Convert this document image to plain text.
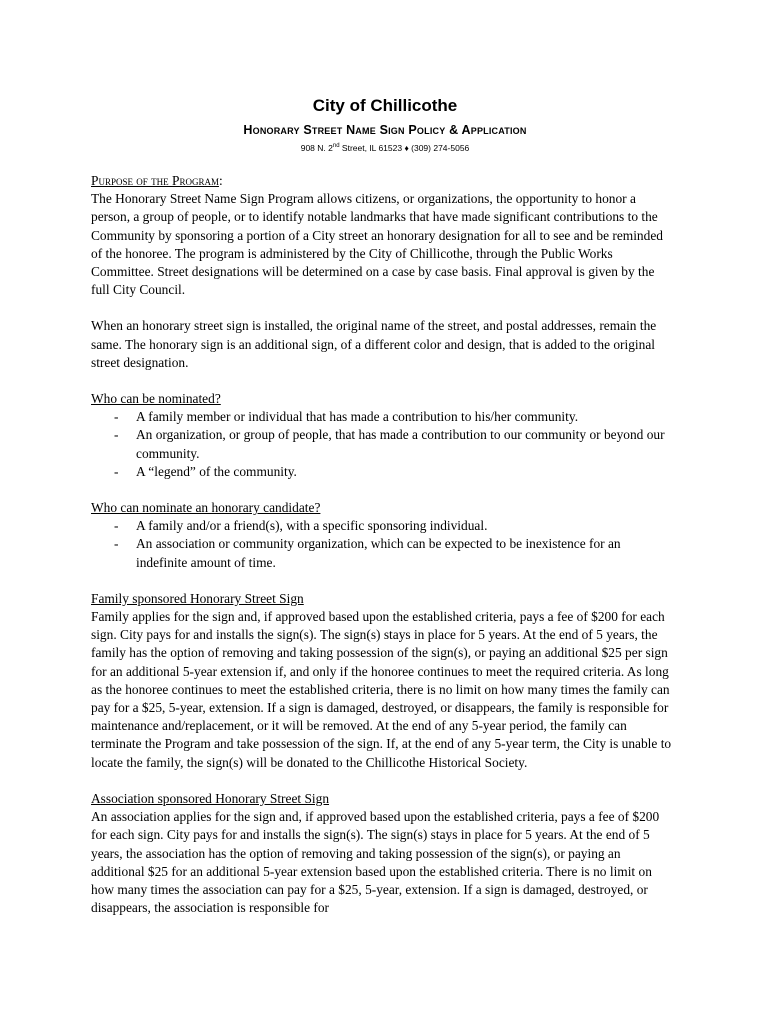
City of Chillicothe
Honorary Street Name Sign Policy & Application
908 N. 2nd Street, IL 61523 ♦ (309) 274-5056

Purpose of the Program:

The Honorary Street Name Sign Program allows citizens, or organizations, the opportunity to honor a person, a group of people, or to identify notable landmarks that have made significant contributions to the Community by sponsoring a portion of a City street an honorary designation for all to see and be reminded of the honoree. The program is administered by the City of Chillicothe, through the Public Works Committee. Street designations will be determined on a case by case basis. Final approval is given by the full City Council.

When an honorary street sign is installed, the original name of the street, and postal addresses, remain the same. The honorary sign is an additional sign, of a different color and design, that is added to the original street designation.

Who can be nominated?

- A family member or individual that has made a contribution to his/her community.
- An organization, or group of people, that has made a contribution to our community or beyond our community.
- A “legend” of the community.

Who can nominate an honorary candidate?

- A family and/or a friend(s), with a specific sponsoring individual.
- An association or community organization, which can be expected to be inexistence for an indefinite amount of time.

Family sponsored Honorary Street Sign

Family applies for the sign and, if approved based upon the established criteria, pays a fee of $200 for each sign. City pays for and installs the sign(s). The sign(s) stays in place for 5 years. At the end of 5 years, the family has the option of removing and taking possession of the sign(s), or paying an additional $25 per sign for an additional 5-year extension if, and only if the honoree continues to meet the required criteria. As long as the honoree continues to meet the established criteria, there is no limit on how many times the family can pay for a $25, 5-year, extension. If a sign is damaged, destroyed, or disappears, the family is responsible for maintenance and/replacement, or it will be removed. At the end of any 5-year period, the family can terminate the Program and take possession of the sign. If, at the end of any 5-year term, the City is unable to locate the family, the sign(s) will be donated to the Chillicothe Historical Society.

Association sponsored Honorary Street Sign

An association applies for the sign and, if approved based upon the established criteria, pays a fee of $200 for each sign. City pays for and installs the sign(s). The sign(s) stays in place for 5 years. At the end of 5 years, the association has the option of removing and taking possession of the sign(s), or paying an additional $25 for an additional 5-year extension based upon the established criteria. There is no limit on how many times the association can pay for a $25, 5-year, extension. If a sign is damaged, destroyed, or disappears, the association is responsible for
